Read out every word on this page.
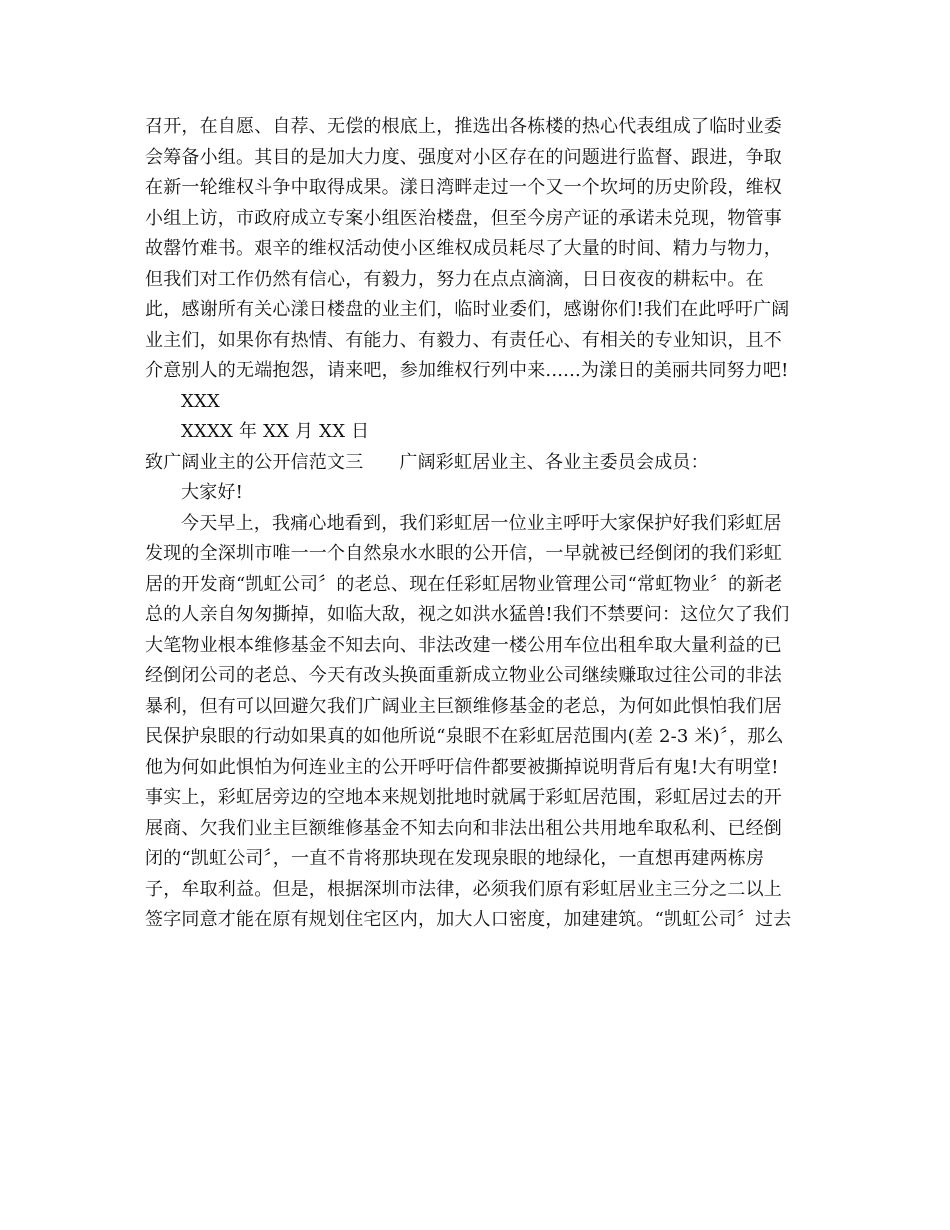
召开，在自愿、自荐、无偿的根底上，推选出各栋楼的热心代表组成了临时业委
会筹备小组。其目的是加大力度、强度对小区存在的问题进行监督、跟进，争取
在新一轮维权斗争中取得成果。漾日湾畔走过一个又一个坎坷的历史阶段，维权
小组上访，市政府成立专案小组医治楼盘，但至今房产证的承诺未兑现，物管事
故罄竹难书。艰辛的维权活动使小区维权成员耗尽了大量的时间、精力与物力，
但我们对工作仍然有信心，有毅力，努力在点点滴滴，日日夜夜的耕耘中。在
此，感谢所有关心漾日楼盘的业主们，临时业委们，感谢你们!我们在此呼吁广阔
业主们，如果你有热情、有能力、有毅力、有责任心、有相关的专业知识，且不
介意别人的无端抱怨，请来吧，参加维权行列中来......为漾日的美丽共同努力吧!
XXX
XXXX 年 XX 月 XX 日
致广阔业主的公开信范文三 广阔彩虹居业主、各业主委员会成员：
大家好!
今天早上，我痛心地看到，我们彩虹居一位业主呼吁大家保护好我们彩虹居
发现的全深圳市唯一一个自然泉水水眼的公开信，一早就被已经倒闭的我们彩虹
居的开发商“凯虹公司〞的老总、现在任彩虹居物业管理公司“常虹物业〞的新老
总的人亲自匆匆撕掉，如临大敌，视之如洪水猛兽!我们不禁要问：这位欠了我们
大笔物业根本维修基金不知去向、非法改建一楼公用车位出租牟取大量利益的已
经倒闭公司的老总、今天有改头换面重新成立物业公司继续赚取过往公司的非法
暴利，但有可以回避欠我们广阔业主巨额维修基金的老总，为何如此惧怕我们居
民保护泉眼的行动如果真的如他所说“泉眼不在彩虹居范围内(差 2-3 米)〞，那么
他为何如此惧怕为何连业主的公开呼吁信件都要被撕掉说明背后有鬼!大有明堂!
事实上，彩虹居旁边的空地本来规划批地时就属于彩虹居范围，彩虹居过去的开
展商、欠我们业主巨额维修基金不知去向和非法出租公共用地牟取私利、已经倒
闭的“凯虹公司〞，一直不肯将那块现在发现泉眼的地绿化，一直想再建两栋房
子，牟取利益。但是，根据深圳市法律，必须我们原有彩虹居业主三分之二以上
签字同意才能在原有规划住宅区内，加大人口密度，加建建筑。“凯虹公司〞过去
